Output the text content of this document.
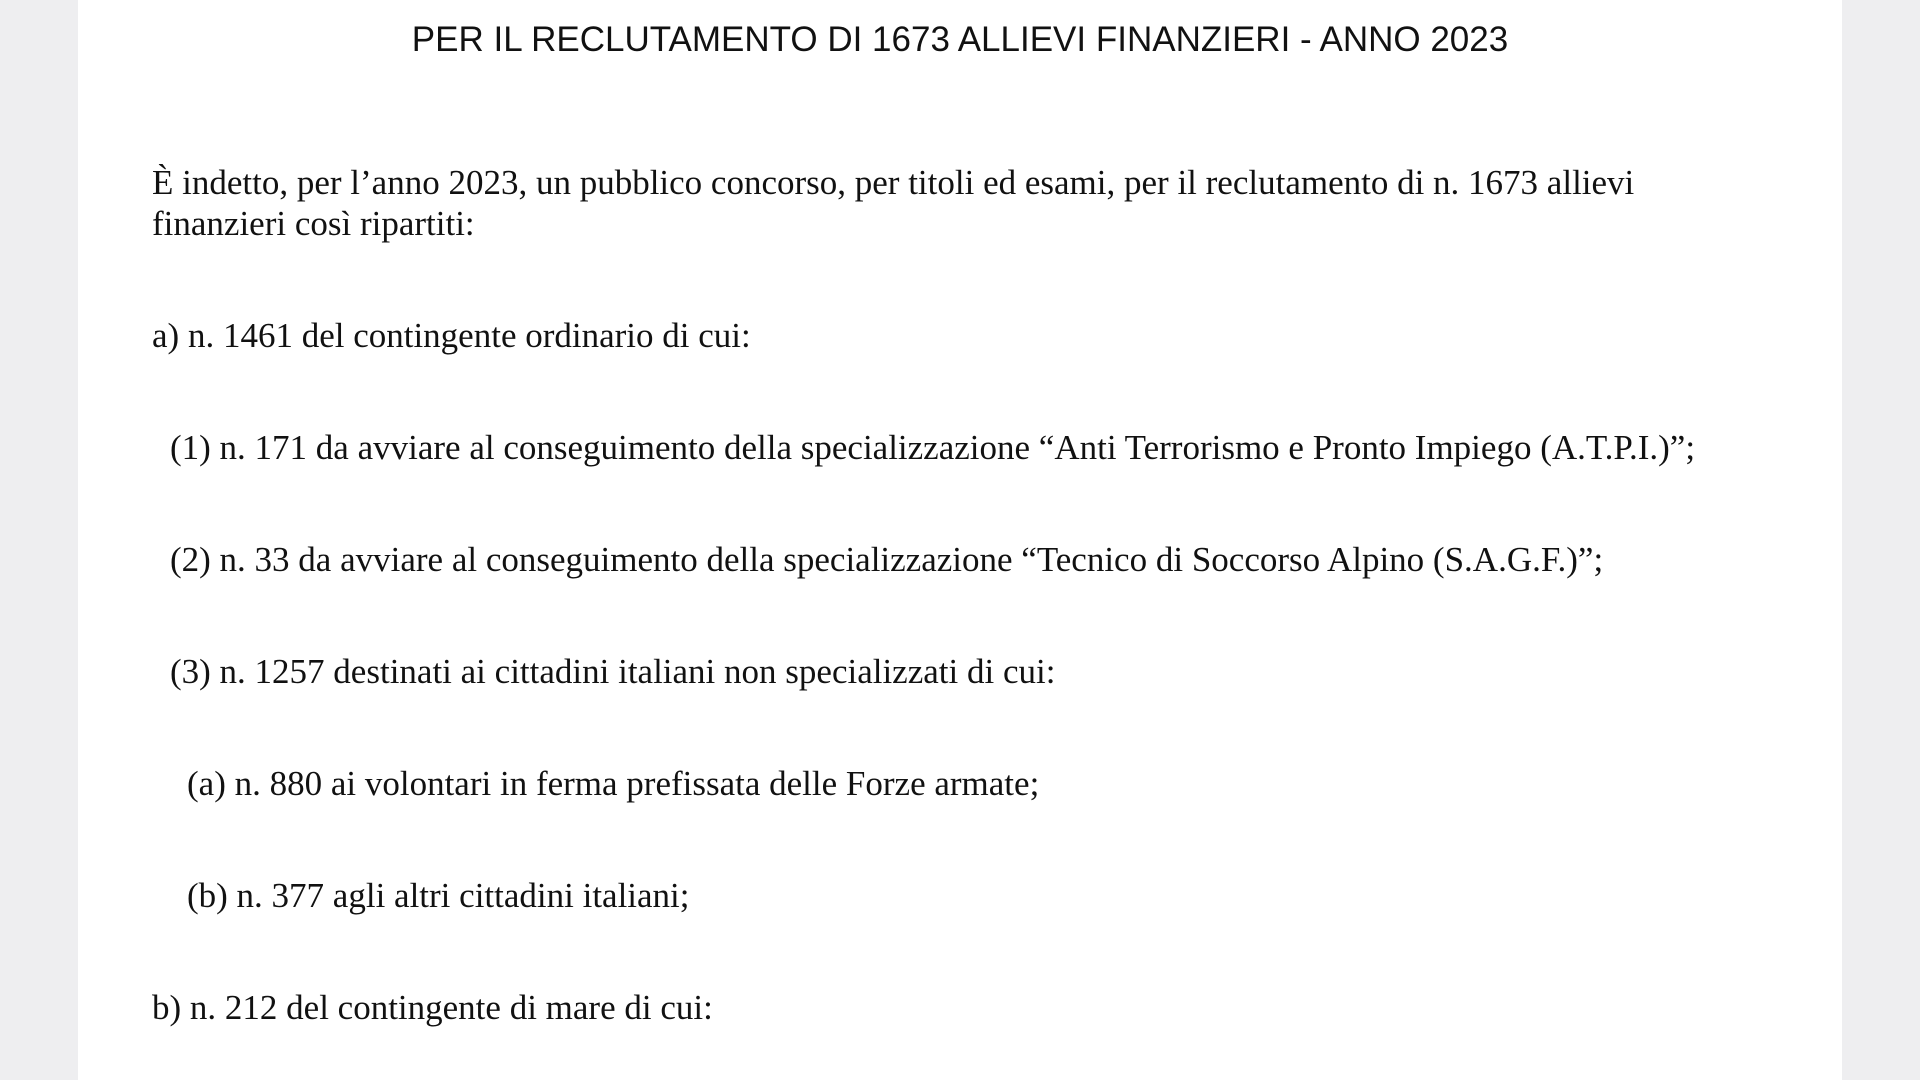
PER IL RECLUTAMENTO DI 1673 ALLIEVI FINANZIERI - ANNO 2023
È indetto, per l’anno 2023, un pubblico concorso, per titoli ed esami, per il reclutamento di n. 1673 allievi
finanzieri così ripartiti:
a) n. 1461 del contingente ordinario di cui:
(1) n. 171 da avviare al conseguimento della specializzazione “Anti Terrorismo e Pronto Impiego (A.T.P.I.)”;
(2) n. 33 da avviare al conseguimento della specializzazione “Tecnico di Soccorso Alpino (S.A.G.F.)”;
(3) n. 1257 destinati ai cittadini italiani non specializzati di cui:
(a) n. 880 ai volontari in ferma prefissata delle Forze armate;
(b) n. 377 agli altri cittadini italiani;
b) n. 212 del contingente di mare di cui:
